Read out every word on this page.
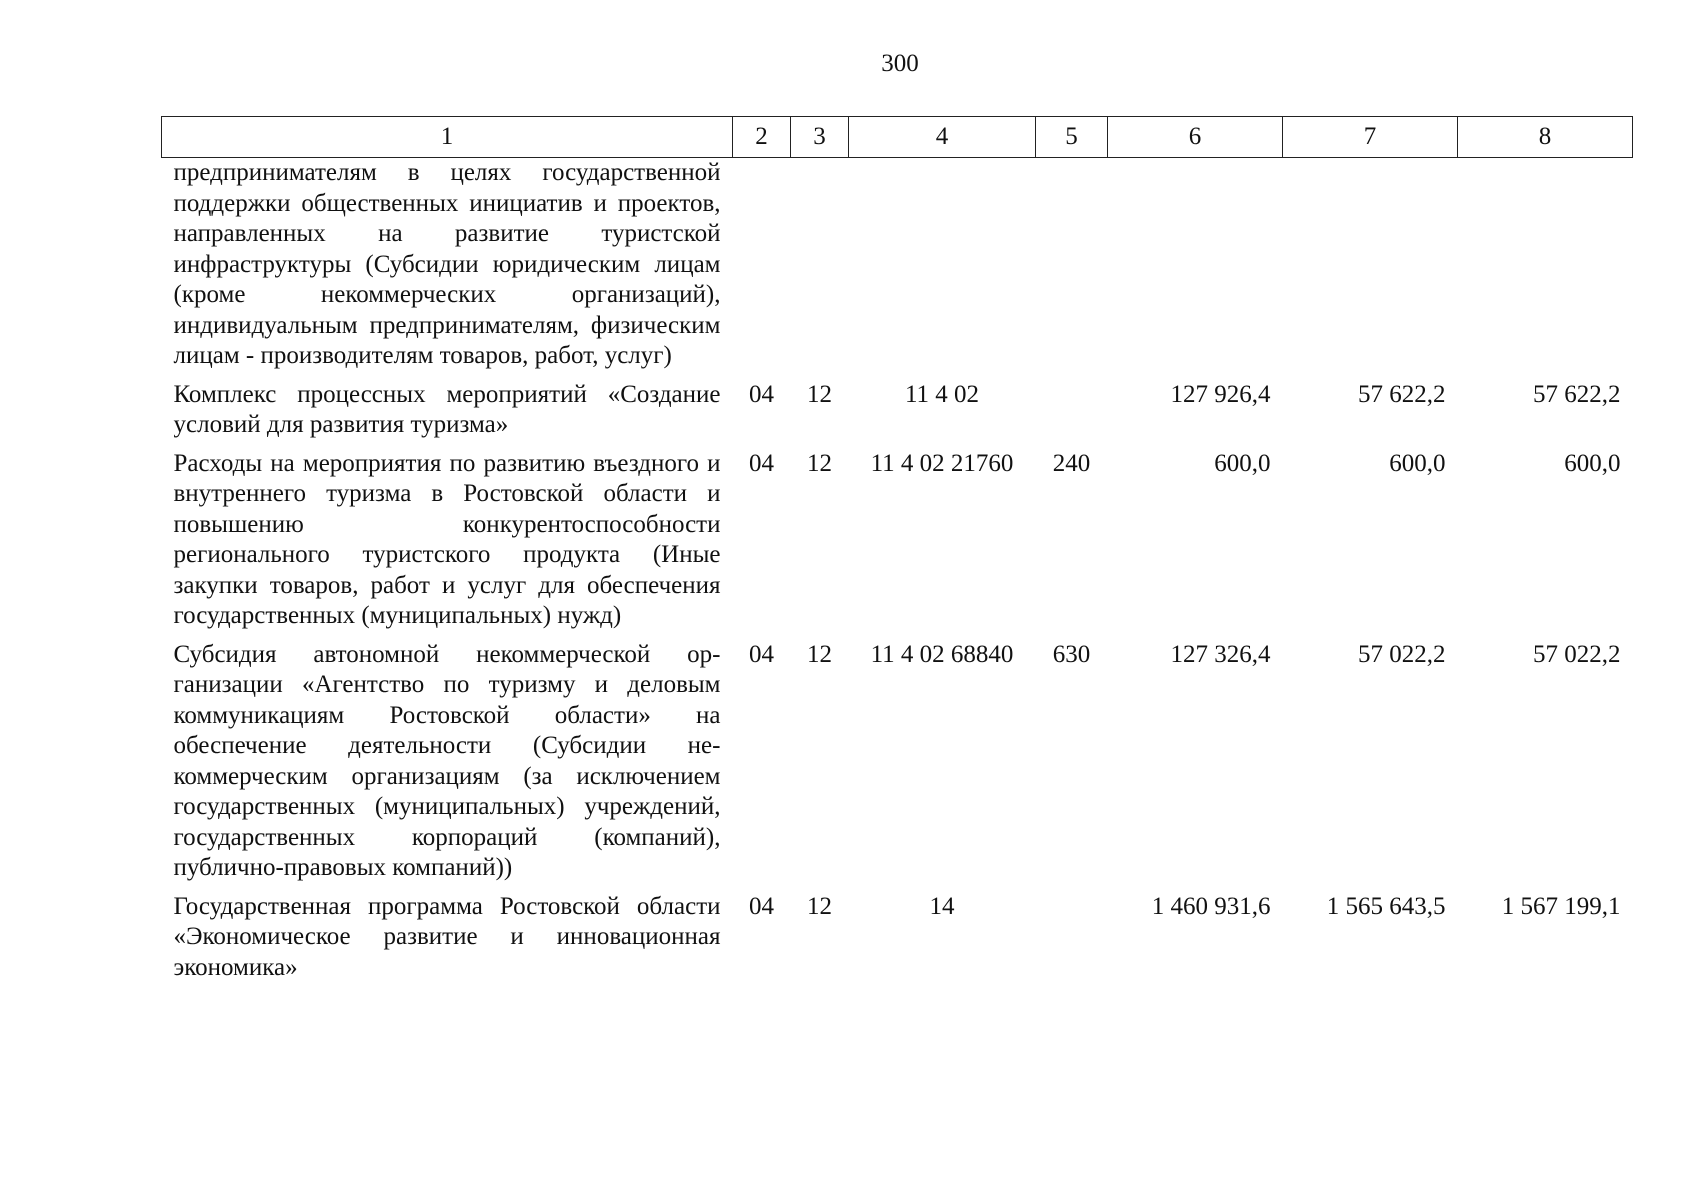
300
1	2	3	4	5	6	7	8
предпринимателям в целях государственной поддержки общественных инициатив и проектов, направленных на развитие туристской инфраструктуры (Субсидии юридическим лицам (кроме некоммерческих организаций), индивидуальным предпринимателям, физическим лицам - производителям товаров, работ, услуг)							
Комплекс процессных мероприятий «Создание условий для развития туризма»	04	12	11 4 02		127 926,4	57 622,2	57 622,2
Расходы на мероприятия по развитию въездного и внутреннего туризма в Ростовской области и повышению конкурентоспособности регионального туристского продукта (Иные закупки товаров, работ и услуг для обеспечения государственных (муниципальных) нужд)	04	12	11 4 02 21760	240	600,0	600,0	600,0
Субсидия автономной некоммерческой организации «Агентство по туризму и деловым коммуникациям Ростовской области» на обеспечение деятельности (Субсидии некоммерческим организациям (за исключением государственных (муниципальных) учреждений, государственных корпораций (компаний), публично-правовых компаний))	04	12	11 4 02 68840	630	127 326,4	57 022,2	57 022,2
Государственная программа Ростовской области «Экономическое развитие и инновационная экономика»	04	12	14		1 460 931,6	1 565 643,5	1 567 199,1
